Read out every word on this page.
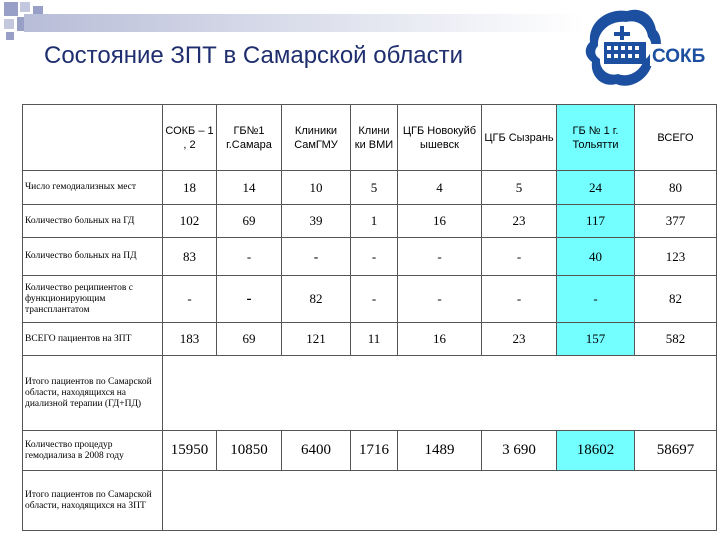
Состояние ЗПТ в Самарской области	СОКБ
	СОКБ – 1 , 2	ГБ№1 г.Самара	Клиники СамГМУ	Клини ки ВМИ	ЦГБ Новокуйб ышевск	ЦГБ Сызрань	ГБ № 1 г. Тольятти	ВСЕГО
Число гемодиализных мест	18	14	10	5	4	5	24	80
Количество больных на ГД	102	69	39	1	16	23	117	377
Количество больных на ПД	83	-	-	-	-	-	40	123
Количество реципиентов с функционирующим трансплантатом	-	-	82	-	-	-	-	82
ВСЕГО пациентов на ЗПТ	183	69	121	11	16	23	157	582
Итого пациентов по Самарской области, находящихся на диализной терапии (ГД+ПД)								
Количество процедур гемодиализа в 2008 году	15950	10850	6400	1716	1489	3 690	18602	58697
Итого пациентов по Самарской области, находящихся на ЗПТ								
